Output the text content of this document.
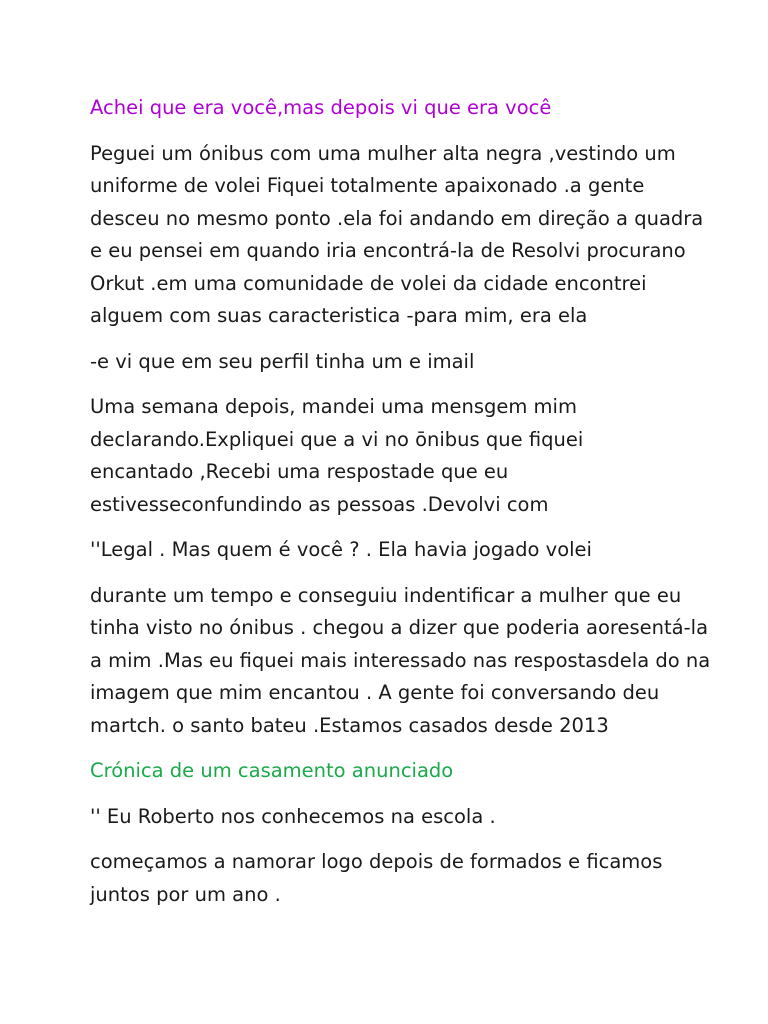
Achei que era você,mas depois vi que era você

Peguei um ónibus com uma mulher alta negra ,vestindo um
uniforme de volei Fiquei totalmente apaixonado .a gente
desceu no mesmo ponto .ela foi andando em direção a quadra
e eu pensei em quando iria encontrá-la de Resolvi procurano
Orkut .em uma comunidade de volei da cidade encontrei
alguem com suas caracteristica -para mim, era ela

-e vi que em seu perfil tinha um e imail

Uma semana depois, mandei uma mensgem mim
declarando.Expliquei que a vi no ōnibus que fiquei
encantado ,Recebi uma respostade que eu
estivesseconfundindo as pessoas .Devolvi com

''Legal . Mas quem é você ? . Ela havia jogado volei

durante um tempo e conseguiu indentificar a mulher que eu
tinha visto no ónibus . chegou a dizer que poderia aoresentá-la
a mim .Mas eu fiquei mais interessado nas respostasdela do na
imagem que mim encantou . A gente foi conversando deu
martch. o santo bateu .Estamos casados desde 2013

Crónica de um casamento anunciado

'' Eu Roberto nos conhecemos na escola .

começamos a namorar logo depois de formados e ficamos
juntos por um ano .
